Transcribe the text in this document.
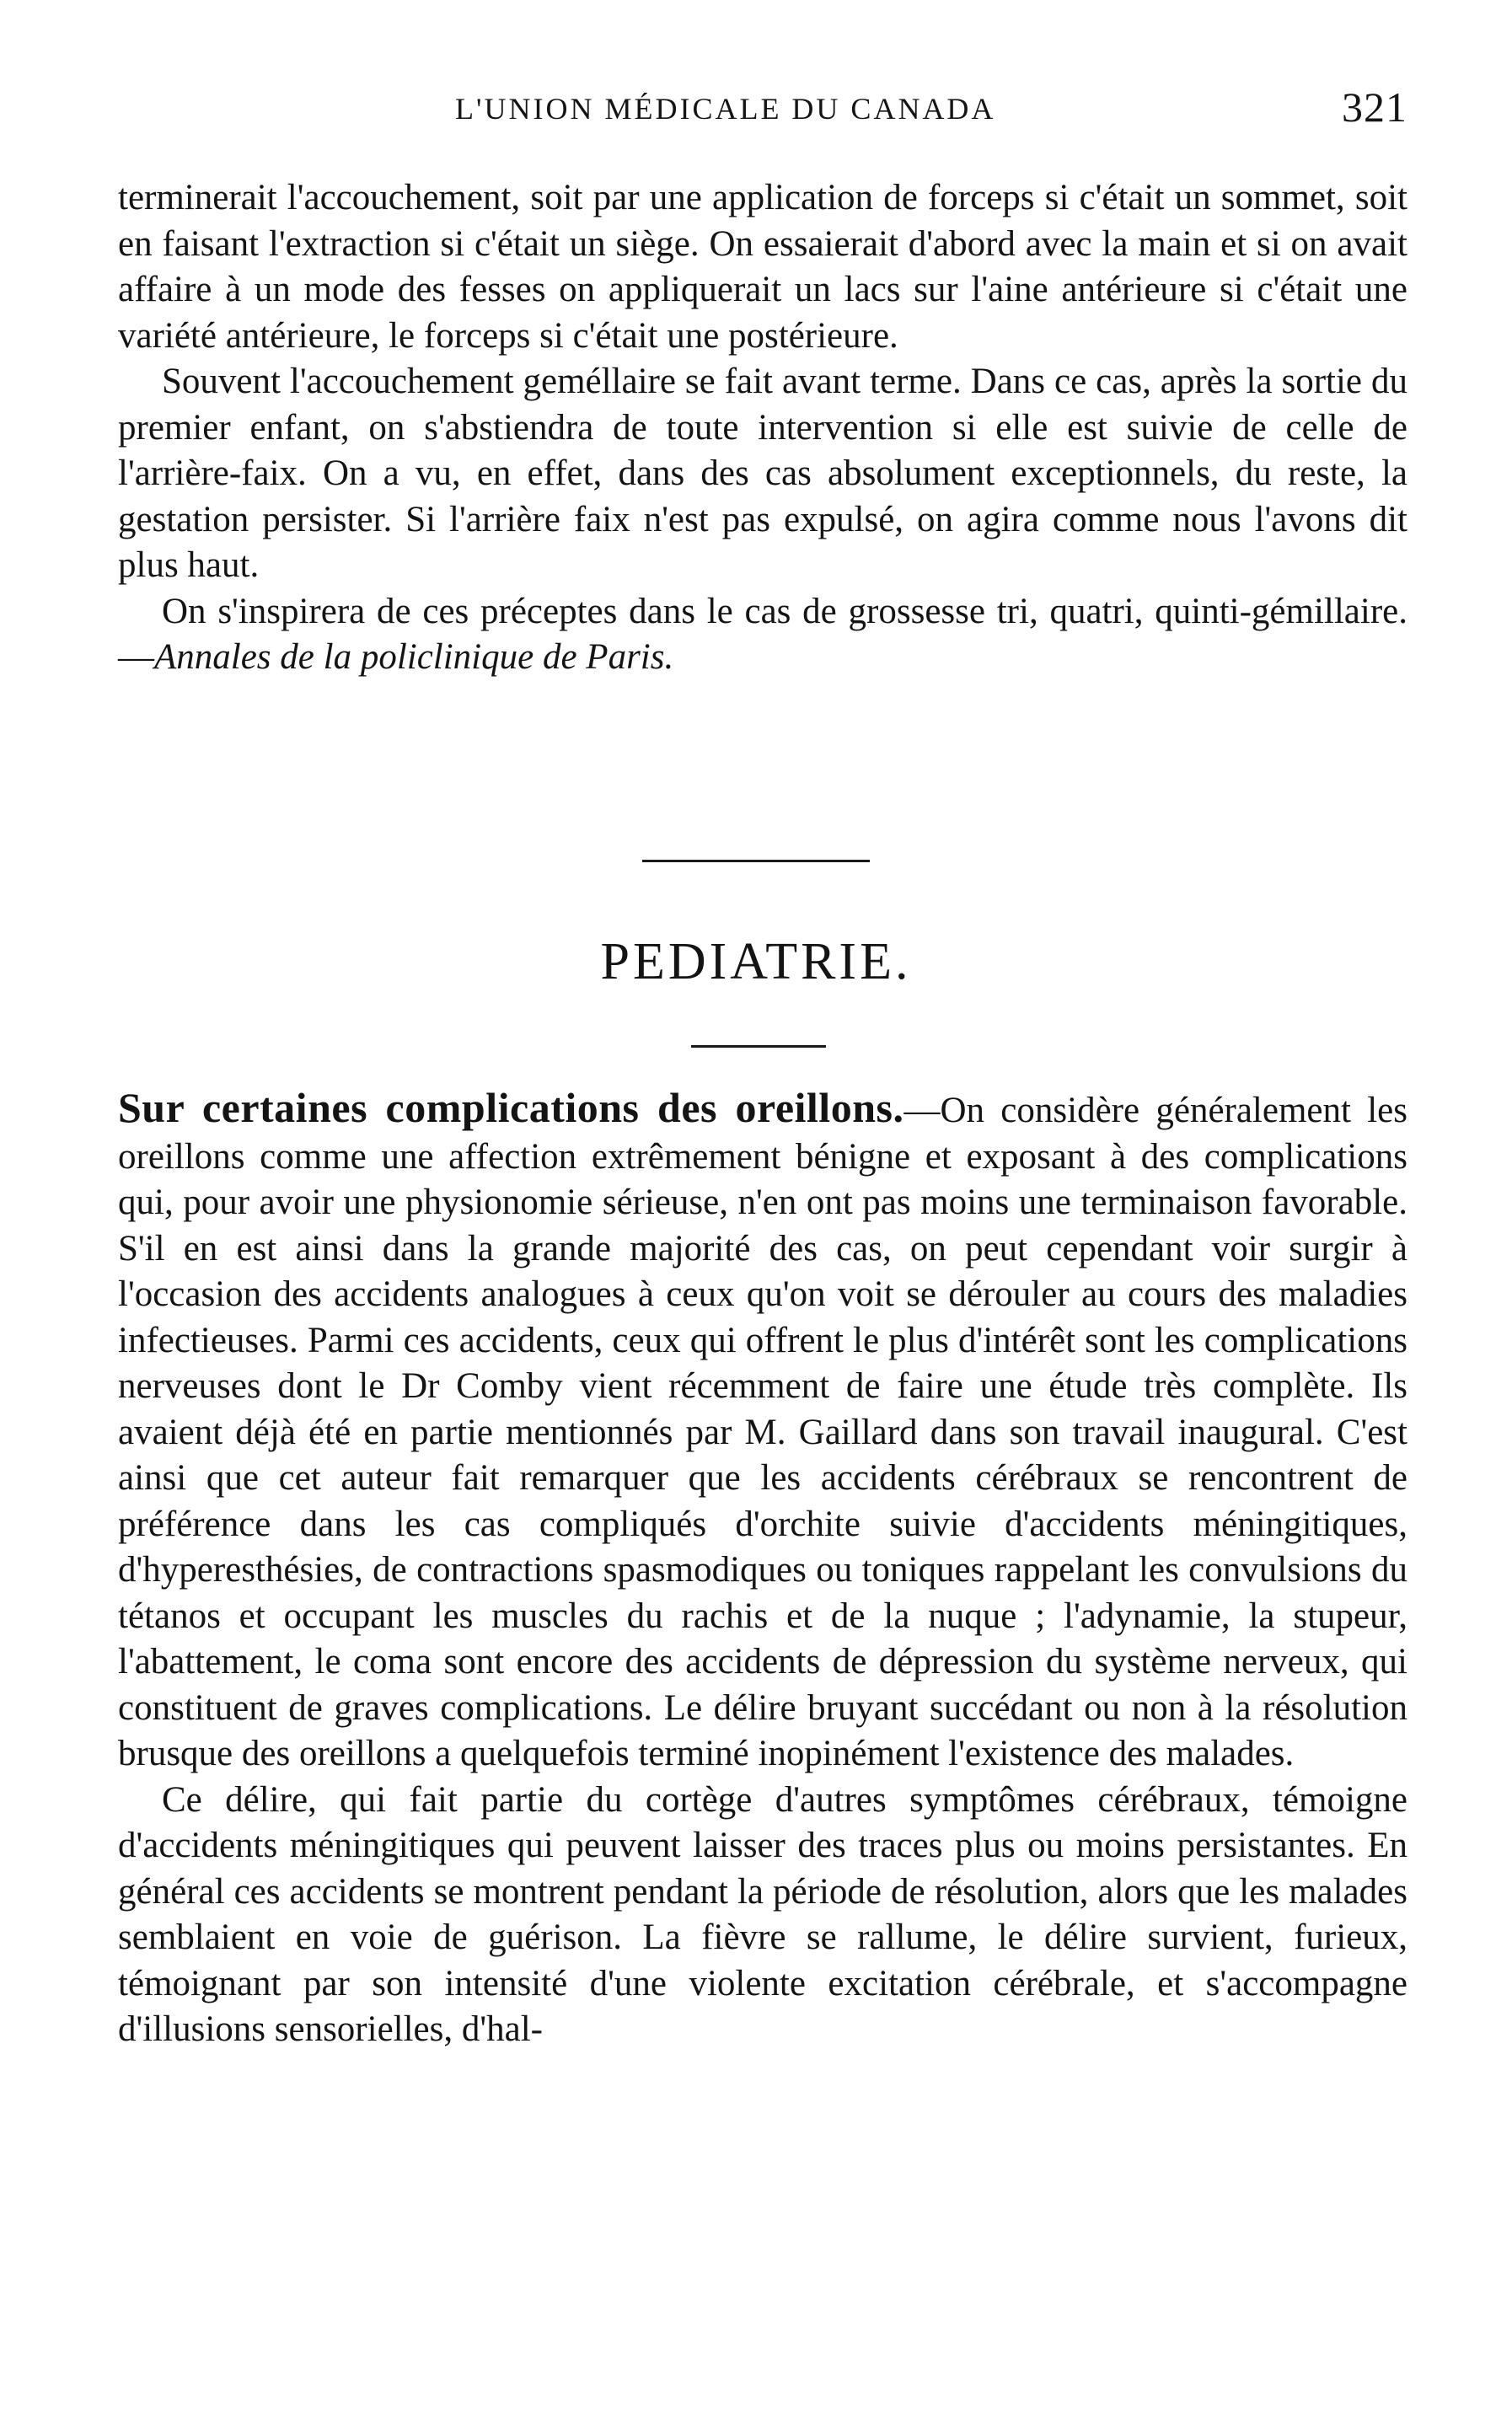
L'UNION MÉDICALE DU CANADA	321

terminerait l'accouchement, soit par une application de forceps si c'était un sommet, soit en faisant l'extraction si c'était un siège. On essaierait d'abord avec la main et si on avait affaire à un mode des fesses on appliquerait un lacs sur l'aine antérieure si c'était une variété antérieure, le forceps si c'était une postérieure.

Souvent l'accouchement geméllaire se fait avant terme. Dans ce cas, après la sortie du premier enfant, on s'abstiendra de toute intervention si elle est suivie de celle de l'arrière-faix. On a vu, en effet, dans des cas absolument exceptionnels, du reste, la gestation persister. Si l'arrière faix n'est pas expulsé, on agira comme nous l'avons dit plus haut.

On s'inspirera de ces préceptes dans le cas de grossesse tri, quatri, quinti-gémillaire.—Annales de la policlinique de Paris.

PEDIATRIE.

Sur certaines complications des oreillons.—On considère généralement les oreillons comme une affection extrêmement bénigne et exposant à des complications qui, pour avoir une physionomie sérieuse, n'en ont pas moins une terminaison favorable. S'il en est ainsi dans la grande majorité des cas, on peut cependant voir surgir à l'occasion des accidents analogues à ceux qu'on voit se dérouler au cours des maladies infectieuses. Parmi ces accidents, ceux qui offrent le plus d'intérêt sont les complications nerveuses dont le Dr Comby vient récemment de faire une étude très complète. Ils avaient déjà été en partie mentionnés par M. Gaillard dans son travail inaugural. C'est ainsi que cet auteur fait remarquer que les accidents cérébraux se rencontrent de préférence dans les cas compliqués d'orchite suivie d'accidents méningitiques, d'hyperesthésies, de contractions spasmodiques ou toniques rappelant les convulsions du tétanos et occupant les muscles du rachis et de la nuque ; l'adynamie, la stupeur, l'abattement, le coma sont encore des accidents de dépression du système nerveux, qui constituent de graves complications. Le délire bruyant succédant ou non à la résolution brusque des oreillons a quelquefois terminé inopinément l'existence des malades.

Ce délire, qui fait partie du cortège d'autres symptômes cérébraux, témoigne d'accidents méningitiques qui peuvent laisser des traces plus ou moins persistantes. En général ces accidents se montrent pendant la période de résolution, alors que les malades semblaient en voie de guérison. La fièvre se rallume, le délire survient, furieux, témoignant par son intensité d'une violente excitation cérébrale, et s'accompagne d'illusions sensorielles, d'hal-
